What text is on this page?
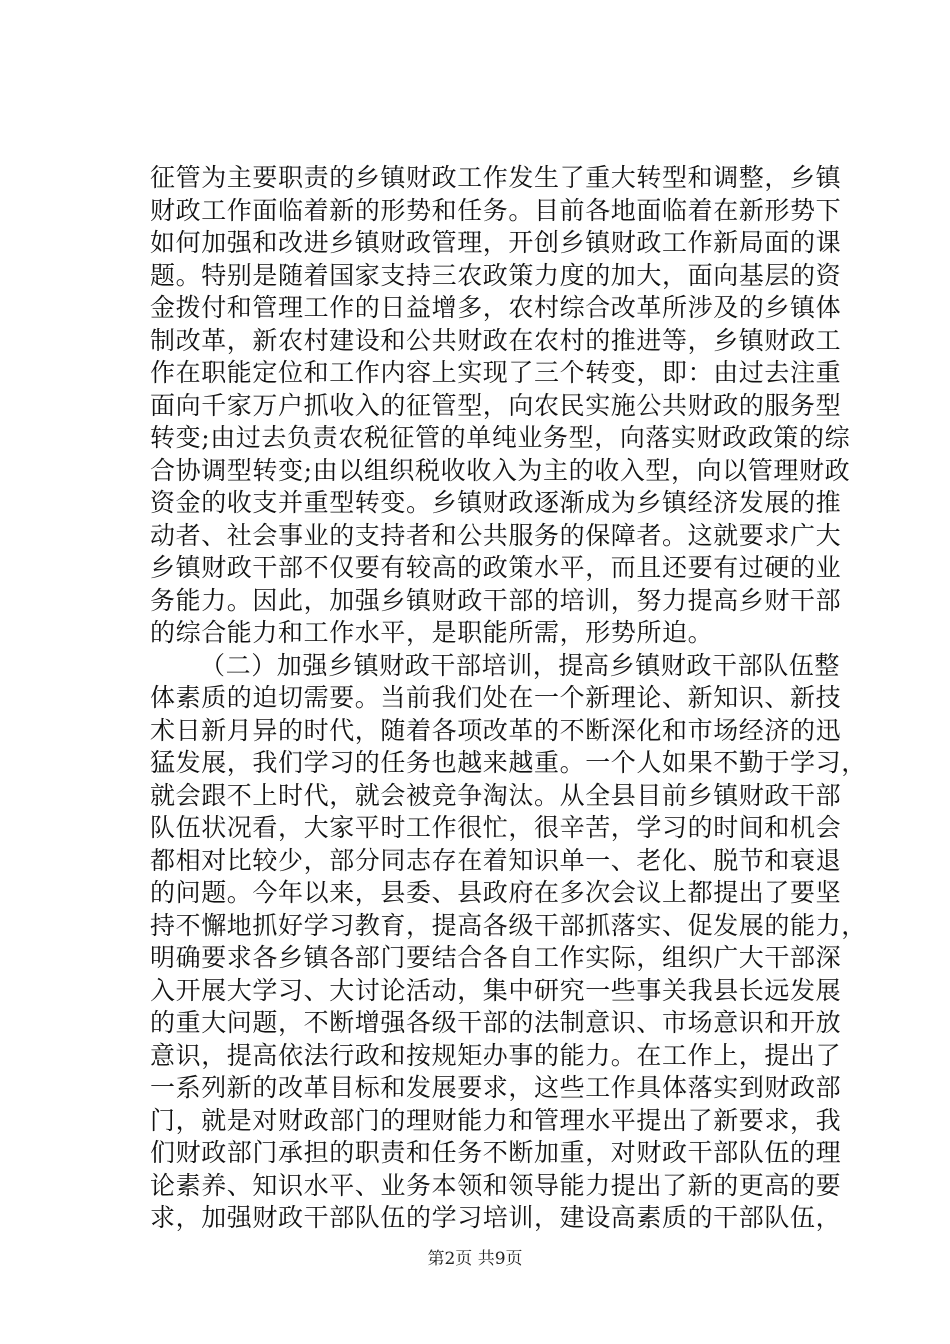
征管为主要职责的乡镇财政工作发生了重大转型和调整，乡镇
财政工作面临着新的形势和任务。目前各地面临着在新形势下
如何加强和改进乡镇财政管理，开创乡镇财政工作新局面的课
题。特别是随着国家支持三农政策力度的加大，面向基层的资
金拨付和管理工作的日益增多，农村综合改革所涉及的乡镇体
制改革，新农村建设和公共财政在农村的推进等，乡镇财政工
作在职能定位和工作内容上实现了三个转变，即：由过去注重
面向千家万户抓收入的征管型，向农民实施公共财政的服务型
转变;由过去负责农税征管的单纯业务型，向落实财政政策的综
合协调型转变;由以组织税收收入为主的收入型，向以管理财政
资金的收支并重型转变。乡镇财政逐渐成为乡镇经济发展的推
动者、社会事业的支持者和公共服务的保障者。这就要求广大
乡镇财政干部不仅要有较高的政策水平，而且还要有过硬的业
务能力。因此，加强乡镇财政干部的培训，努力提高乡财干部
的综合能力和工作水平，是职能所需，形势所迫。
（二）加强乡镇财政干部培训，提高乡镇财政干部队伍整
体素质的迫切需要。当前我们处在一个新理论、新知识、新技
术日新月异的时代，随着各项改革的不断深化和市场经济的迅
猛发展，我们学习的任务也越来越重。一个人如果不勤于学习，
就会跟不上时代，就会被竞争淘汰。从全县目前乡镇财政干部
队伍状况看，大家平时工作很忙，很辛苦，学习的时间和机会
都相对比较少，部分同志存在着知识单一、老化、脱节和衰退
的问题。今年以来，县委、县政府在多次会议上都提出了要坚
持不懈地抓好学习教育，提高各级干部抓落实、促发展的能力，
明确要求各乡镇各部门要结合各自工作实际，组织广大干部深
入开展大学习、大讨论活动，集中研究一些事关我县长远发展
的重大问题，不断增强各级干部的法制意识、市场意识和开放
意识，提高依法行政和按规矩办事的能力。在工作上，提出了
一系列新的改革目标和发展要求，这些工作具体落实到财政部
门，就是对财政部门的理财能力和管理水平提出了新要求，我
们财政部门承担的职责和任务不断加重，对财政干部队伍的理
论素养、知识水平、业务本领和领导能力提出了新的更高的要
求，加强财政干部队伍的学习培训，建设高素质的干部队伍，
第2页 共9页
